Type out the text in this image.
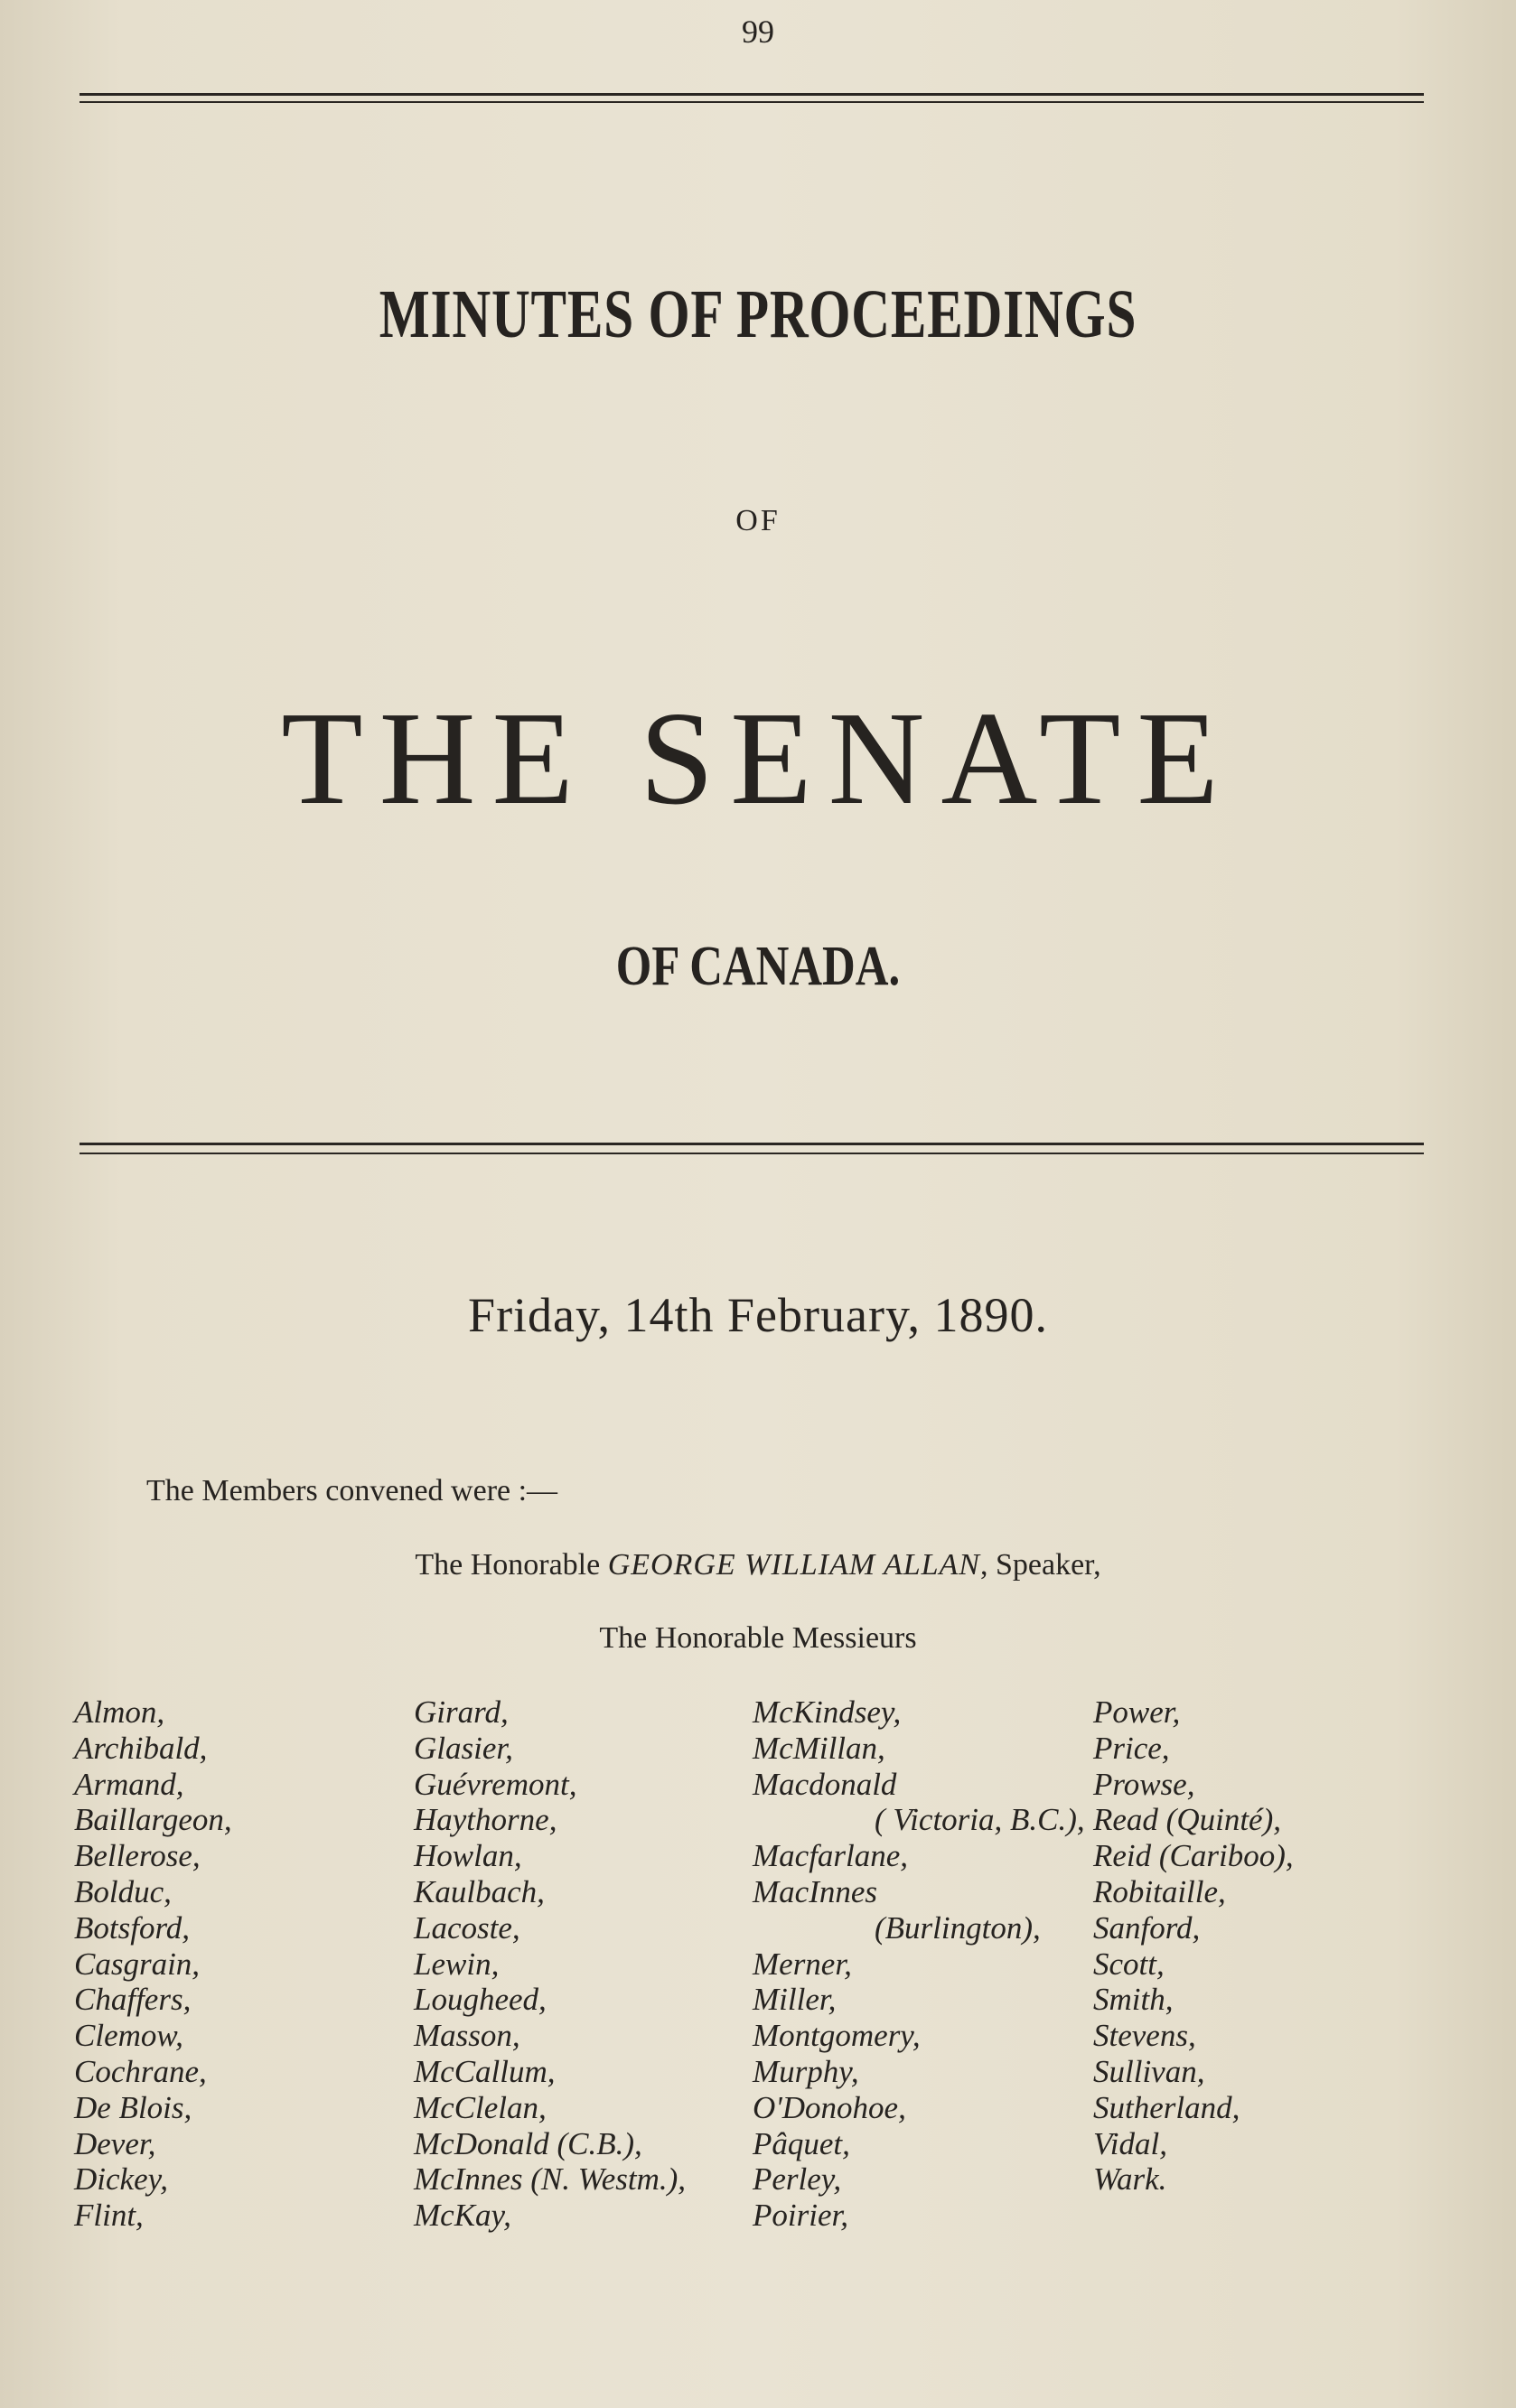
99
MINUTES OF PROCEEDINGS
OF
THE SENATE
OF CANADA.
Friday, 14th February, 1890.
The Members convened were :—
The Honorable GEORGE WILLIAM ALLAN, Speaker,
The Honorable Messieurs
Almon,
Archibald,
Armand,
Baillargeon,
Bellerose,
Bolduc,
Botsford,
Casgrain,
Chaffers,
Clemow,
Cochrane,
De Blois,
Dever,
Dickey,
Flint,
Girard,
Glasier,
Guévremont,
Haythorne,
Howlan,
Kaulbach,
Lacoste,
Lewin,
Lougheed,
Masson,
McCallum,
McClelan,
McDonald (C.B.),
McInnes (N. Westm.),
McKay,
McKindsey,
McMillan,
Macdonald
( Victoria, B.C.),
Macfarlane,
MacInnes
(Burlington),
Merner,
Miller,
Montgomery,
Murphy,
O'Donohoe,
Pâquet,
Perley,
Poirier,
Power,
Price,
Prowse,
Read (Quinté),
Reid (Cariboo),
Robitaille,
Sanford,
Scott,
Smith,
Stevens,
Sullivan,
Sutherland,
Vidal,
Wark.
